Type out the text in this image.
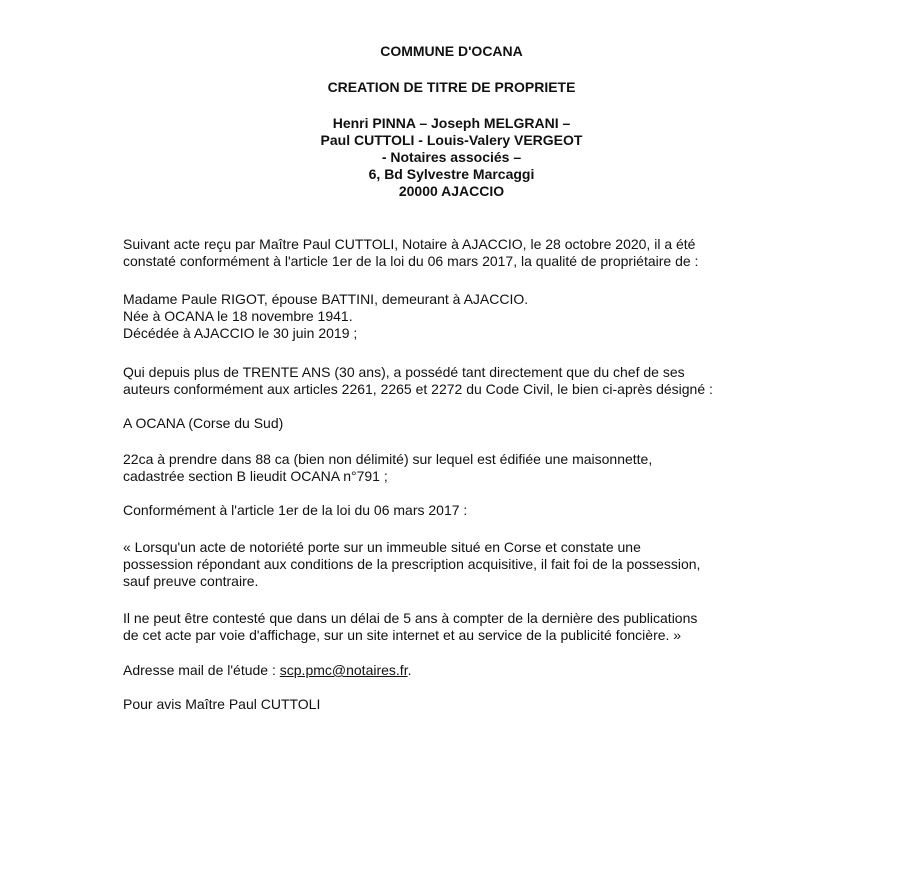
COMMUNE D'OCANA
CREATION DE TITRE DE PROPRIETE
Henri PINNA – Joseph MELGRANI –
Paul CUTTOLI - Louis-Valery VERGEOT
- Notaires associés –
6, Bd Sylvestre Marcaggi
20000 AJACCIO
Suivant acte reçu par Maître Paul CUTTOLI, Notaire à AJACCIO, le 28 octobre 2020, il a été
constaté conformément à l'article 1er de la loi du 06 mars 2017, la qualité de propriétaire de :
Madame Paule RIGOT, épouse BATTINI, demeurant à AJACCIO.
Née à OCANA le 18 novembre 1941.
Décédée à AJACCIO le 30 juin 2019 ;
Qui depuis plus de TRENTE ANS (30 ans), a possédé tant directement que du chef de ses
auteurs conformément aux articles 2261, 2265 et 2272 du Code Civil, le bien ci-après désigné :
A OCANA (Corse du Sud)
22ca à prendre dans 88 ca (bien non délimité) sur lequel est édifiée une maisonnette,
cadastrée section B lieudit OCANA n°791 ;
Conformément à l'article 1er de la loi du 06 mars 2017 :
« Lorsqu'un acte de notoriété porte sur un immeuble situé en Corse et constate une
possession répondant aux conditions de la prescription acquisitive, il fait foi de la possession,
sauf preuve contraire.
Il ne peut être contesté que dans un délai de 5 ans à compter de la dernière des publications
de cet acte par voie d'affichage, sur un site internet et au service de la publicité foncière. »
Adresse mail de l'étude : scp.pmc@notaires.fr.
Pour avis Maître Paul CUTTOLI
